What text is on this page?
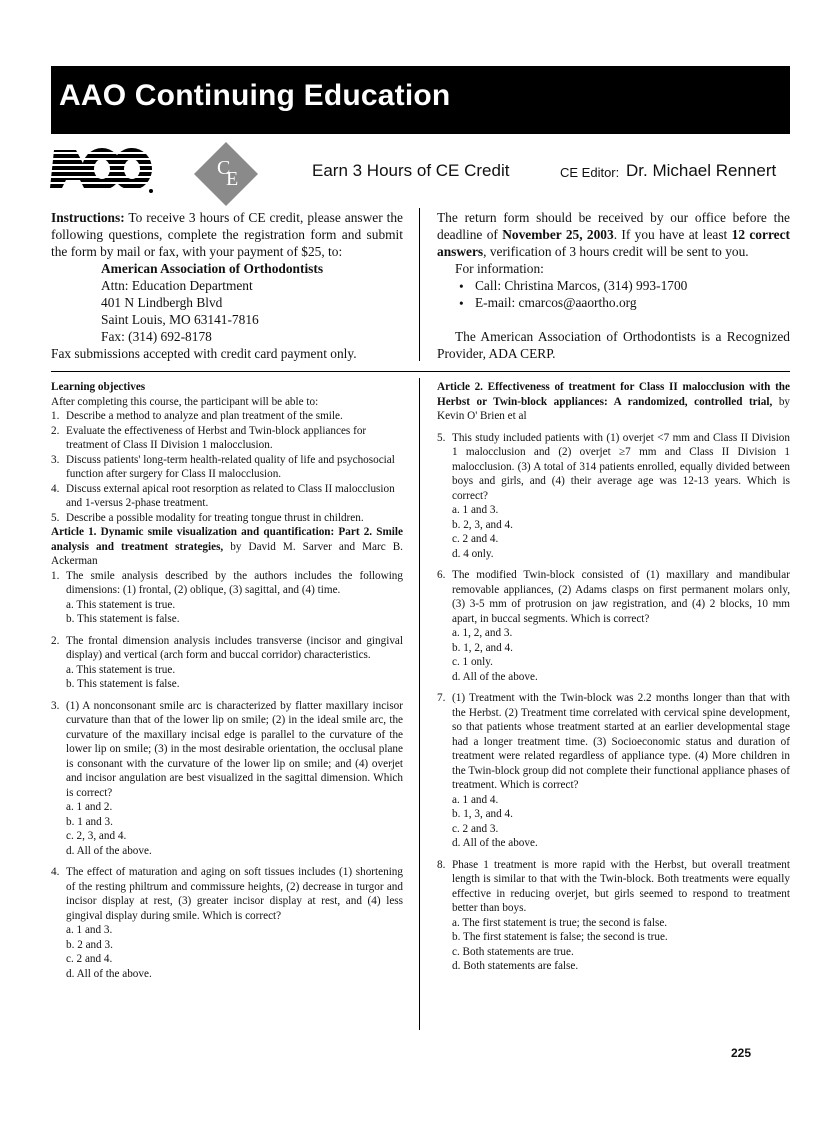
AAO Continuing Education
C
E	Earn 3 Hours of CE Credit	CE Editor: Dr. Michael Rennert

Instructions: To receive 3 hours of CE credit, please answer the following questions, complete the registration form and submit the form by mail or fax, with your payment of $25, to:

American Association of Orthodontists

Attn: Education Department

401 N Lindbergh Blvd

Saint Louis, MO 63141-7816

Fax: (314) 692-8178

Fax submissions accepted with credit card payment only.

The return form should be received by our office before the deadline of November 25, 2003. If you have at least 12 correct answers, verification of 3 hours credit will be sent to you.

For information:

• Call: Christina Marcos, (314) 993-1700

• E-mail: cmarcos@aaortho.org

The American Association of Orthodontists is a Recognized Provider, ADA CERP.

Learning objectives

After completing this course, the participant will be able to:

1. Describe a method to analyze and plan treatment of the smile.
2. Evaluate the effectiveness of Herbst and Twin-block appliances for treatment of Class II Division 1 malocclusion.
3. Discuss patients' long-term health-related quality of life and psychosocial function after surgery for Class II malocclusion.
4. Discuss external apical root resorption as related to Class II malocclusion and 1-versus 2-phase treatment.
5. Describe a possible modality for treating tongue thrust in children.

Article 1. Dynamic smile visualization and quantification: Part 2. Smile analysis and treatment strategies, by David M. Sarver and Marc B. Ackerman

1. The smile analysis described by the authors includes the following dimensions: (1) frontal, (2) oblique, (3) sagittal, and (4) time.
a. This statement is true.
b. This statement is false.
2. The frontal dimension analysis includes transverse (incisor and gingival display) and vertical (arch form and buccal corridor) characteristics.
a. This statement is true.
b. This statement is false.
3. (1) A nonconsonant smile arc is characterized by flatter maxillary incisor curvature than that of the lower lip on smile; (2) in the ideal smile arc, the curvature of the maxillary incisal edge is parallel to the curvature of the lower lip on smile; (3) in the most desirable orientation, the occlusal plane is consonant with the curvature of the lower lip on smile; and (4) overjet and incisor angulation are best visualized in the sagittal dimension. Which is correct?
a. 1 and 2.
b. 1 and 3.
c. 2, 3, and 4.
d. All of the above.
4. The effect of maturation and aging on soft tissues includes (1) shortening of the resting philtrum and commissure heights, (2) decrease in turgor and incisor display at rest, (3) greater incisor display at rest, and (4) less gingival display during smile. Which is correct?
a. 1 and 3.
b. 2 and 3.
c. 2 and 4.
d. All of the above.

Article 2. Effectiveness of treatment for Class II malocclusion with the Herbst or Twin-block appliances: A randomized, controlled trial, by Kevin O' Brien et al

5. This study included patients with (1) overjet <7 mm and Class II Division 1 malocclusion and (2) overjet ≥7 mm and Class II Division 1 malocclusion. (3) A total of 314 patients enrolled, equally divided between boys and girls, and (4) their average age was 12-13 years. Which is correct?
a. 1 and 3.
b. 2, 3, and 4.
c. 2 and 4.
d. 4 only.
6. The modified Twin-block consisted of (1) maxillary and mandibular removable appliances, (2) Adams clasps on first permanent molars only, (3) 3-5 mm of protrusion on jaw registration, and (4) 2 blocks, 10 mm apart, in buccal segments. Which is correct?
a. 1, 2, and 3.
b. 1, 2, and 4.
c. 1 only.
d. All of the above.
7. (1) Treatment with the Twin-block was 2.2 months longer than that with the Herbst. (2) Treatment time correlated with cervical spine development, so that patients whose treatment started at an earlier developmental stage had a longer treatment time. (3) Socioeconomic status and duration of treatment were related regardless of appliance type. (4) More children in the Twin-block group did not complete their functional appliance phases of treatment. Which is correct?
a. 1 and 4.
b. 1, 3, and 4.
c. 2 and 3.
d. All of the above.
8. Phase 1 treatment is more rapid with the Herbst, but overall treatment length is similar to that with the Twin-block. Both treatments were equally effective in reducing overjet, but girls seemed to respond to treatment better than boys.
a. The first statement is true; the second is false.
b. The first statement is false; the second is true.
c. Both statements are true.
d. Both statements are false.
225
